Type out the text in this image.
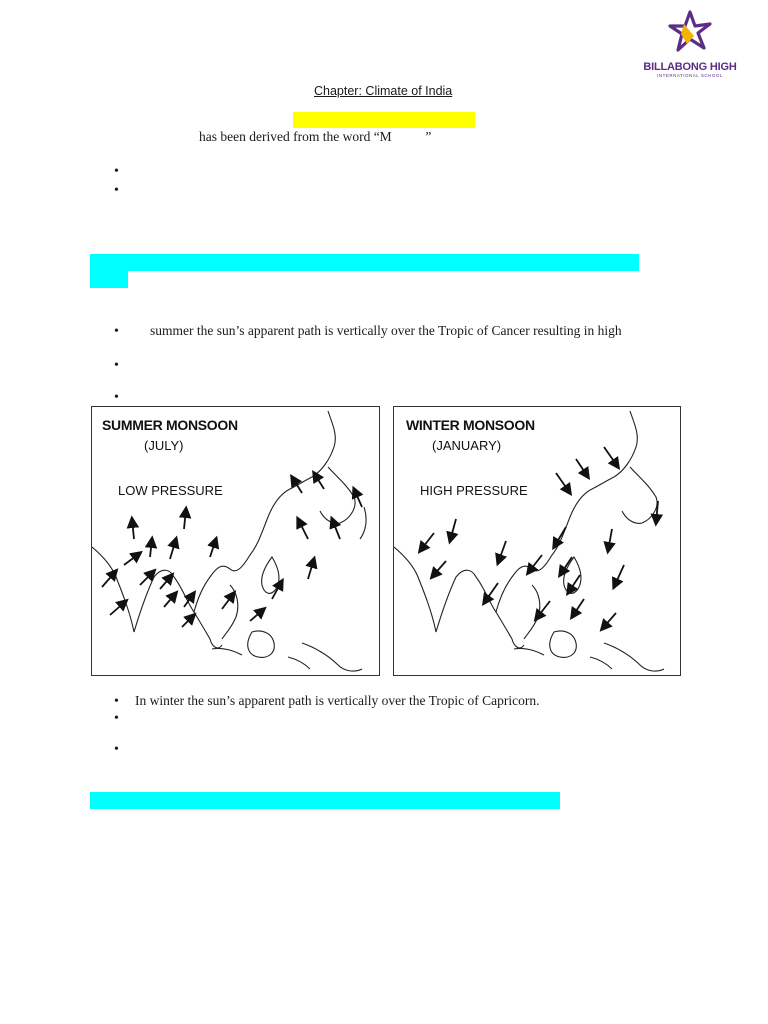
BILLABONG HIGH
INTERNATIONAL SCHOOL
Chapter: Climate of India
has been derived from the word “M          ”
•
•
• summer the sun’s apparent path is vertically over the Tropic of Cancer resulting in high
•
•
SUMMER MONSOON
(JULY)
LOW PRESSURE
WINTER MONSOON
(JANUARY)
HIGH PRESSURE
• In winter the sun’s apparent path is vertically over the Tropic of Capricorn.
•
•
